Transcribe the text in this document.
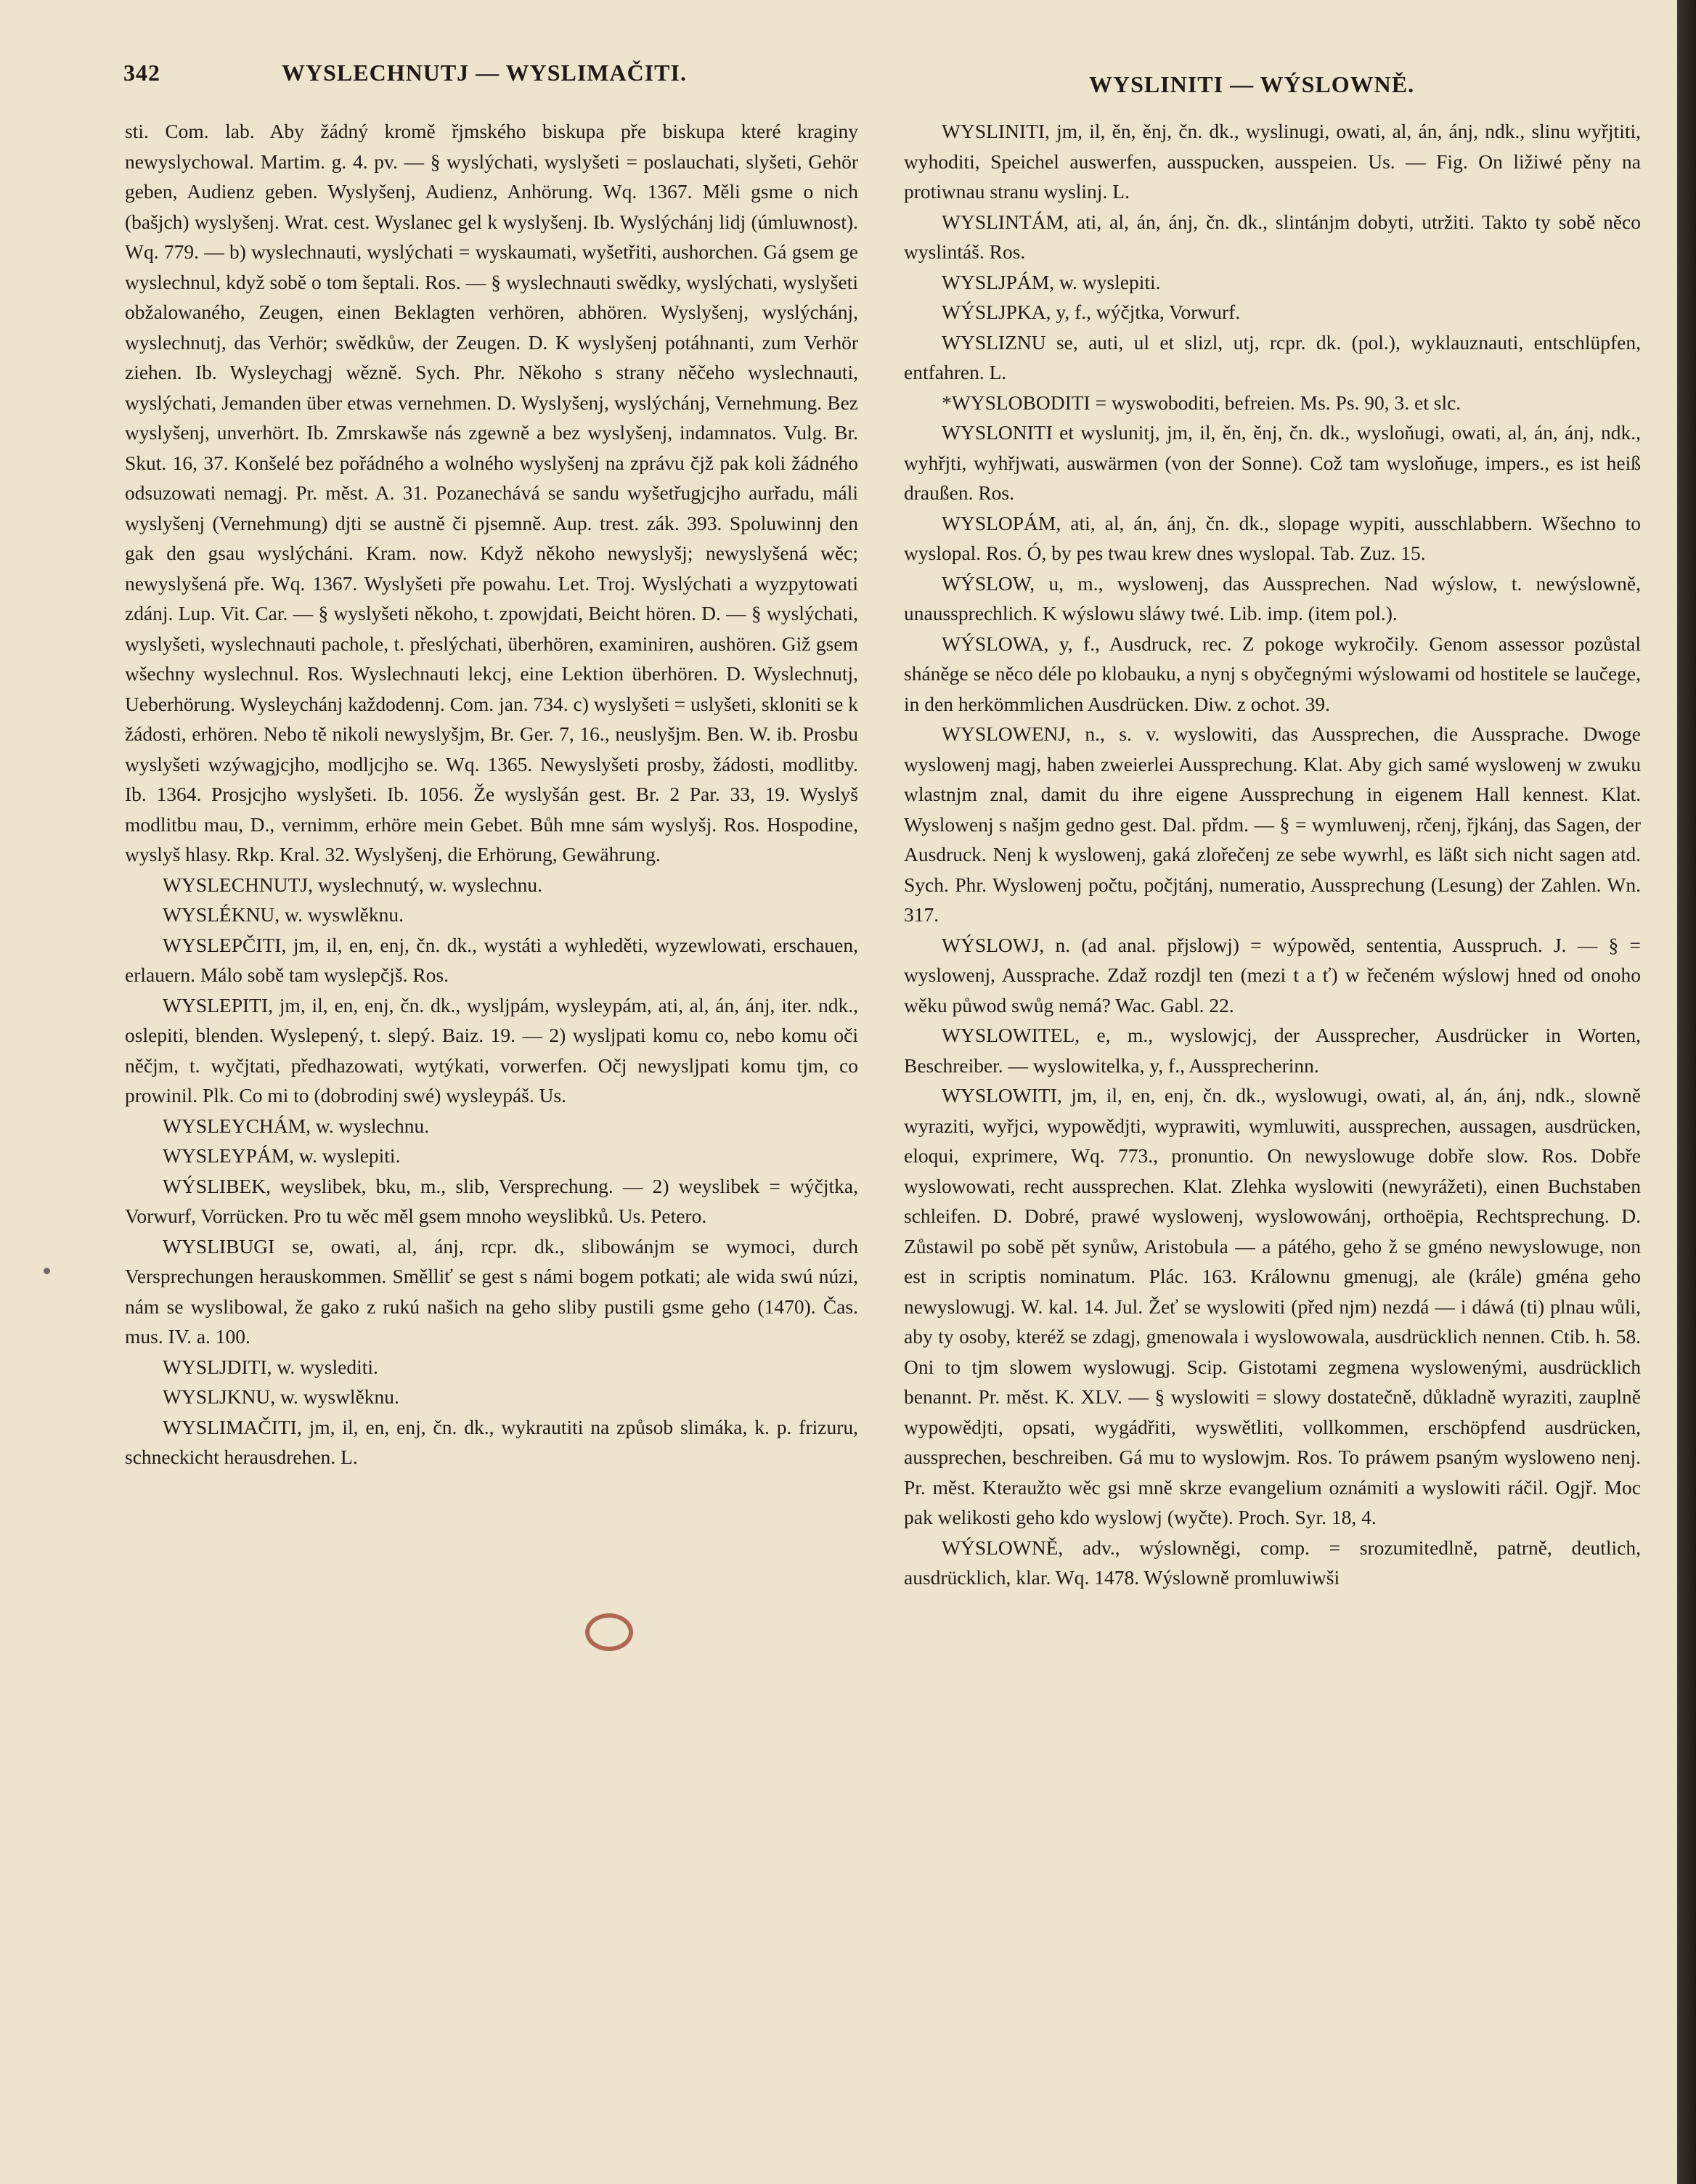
342	WYSLECHNUTJ — WYSLIMAČITI.	WYSLINITI — WÝSLOWNĚ.

sti. Com. lab. Aby žádný kromě řjmského biskupa pře biskupa které kraginy newyslychowal. Martim. g. 4. pv. — § wyslýchati, wyslyšeti = poslauchati, slyšeti, Gehör geben, Audienz geben. Wyslyšenj, Audienz, Anhörung. Wq. 1367. Měli gsme o nich (bašjch) wyslyšenj. Wrat. cest. Wyslanec gel k wyslyšenj. Ib. Wyslýchánj lidj (úmluwnost). Wq. 779. — b) wyslechnauti, wyslýchati = wyskaumati, wyšetřiti, aushorchen. Gá gsem ge wyslechnul, když sobě o tom šeptali. Ros. — § wyslechnauti swědky, wyslýchati, wyslyšeti obžalowaného, Zeugen, einen Beklagten verhören, abhören. Wyslyšenj, wyslýchánj, wyslechnutj, das Verhör; swědkůw, der Zeugen. D. K wyslyšenj potáhnanti, zum Verhör ziehen. Ib. Wysleychagj wězně. Sych. Phr. Někoho s strany něčeho wyslechnauti, wyslýchati, Jemanden über etwas vernehmen. D. Wyslyšenj, wyslýchánj, Vernehmung. Bez wyslyšenj, unverhört. Ib. Zmrskawše nás zgewně a bez wyslyšenj, indamnatos. Vulg. Br. Skut. 16, 37. Konšelé bez pořádného a wolného wyslyšenj na zprávu čjž pak koli žádného odsuzowati nemagj. Pr. měst. A. 31. Pozanechává se sandu wyšetřugjcjho aurřadu, máli wyslyšenj (Vernehmung) djti se austně či pjsemně. Aup. trest. zák. 393. Spoluwinnj den gak den gsau wyslýcháni. Kram. now. Když někoho newyslyšj; newyslyšená wěc; newyslyšená pře. Wq. 1367. Wyslyšeti pře powahu. Let. Troj. Wyslýchati a wyzpytowati zdánj. Lup. Vit. Car. — § wyslyšeti někoho, t. zpowjdati, Beicht hören. D. — § wyslýchati, wyslyšeti, wyslechnauti pachole, t. přeslýchati, überhören, examiniren, aushören. Giž gsem wšechny wyslechnul. Ros. Wyslechnauti lekcj, eine Lektion überhören. D. Wyslechnutj, Ueberhörung. Wysleychánj každodennj. Com. jan. 734. c) wyslyšeti = uslyšeti, skloniti se k žádosti, erhören. Nebo tě nikoli newyslyšjm, Br. Ger. 7, 16., neuslyšjm. Ben. W. ib. Prosbu wyslyšeti wzýwagjcjho, modljcjho se. Wq. 1365. Newyslyšeti prosby, žádosti, modlitby. Ib. 1364. Prosjcjho wyslyšeti. Ib. 1056. Že wyslyšán gest. Br. 2 Par. 33, 19. Wyslyš modlitbu mau, D., vernimm, erhöre mein Gebet. Bůh mne sám wyslyšj. Ros. Hospodine, wyslyš hlasy. Rkp. Kral. 32. Wyslyšenj, die Erhörung, Gewährung.

WYSLECHNUTJ, wyslechnutý, w. wyslechnu.

WYSLÉKNU, w. wyswlěknu.

WYSLEPČITI, jm, il, en, enj, čn. dk., wystáti a wyhleděti, wyzewlowati, erschauen, erlauern. Málo sobě tam wyslepčjš. Ros.

WYSLEPITI, jm, il, en, enj, čn. dk., wysljpám, wysleypám, ati, al, án, ánj, iter. ndk., oslepiti, blenden. Wyslepený, t. slepý. Baiz. 19. — 2) wysljpati komu co, nebo komu oči něčjm, t. wyčjtati, předhazowati, wytýkati, vorwerfen. Očj newysljpati komu tjm, co prowinil. Plk. Co mi to (dobrodinj swé) wysleypáš. Us.

WYSLEYCHÁM, w. wyslechnu.

WYSLEYPÁM, w. wyslepiti.

WÝSLIBEK, weyslibek, bku, m., slib, Versprechung. — 2) weyslibek = wýčjtka, Vorwurf, Vorrücken. Pro tu wěc měl gsem mnoho weyslibků. Us. Petero.

WYSLIBUGI se, owati, al, ánj, rcpr. dk., slibowánjm se wymoci, durch Versprechungen herauskommen. Smělliť se gest s námi bogem potkati; ale wida swú núzi, nám se wyslibowal, že gako z rukú našich na geho sliby pustili gsme geho (1470). Čas. mus. IV. a. 100.

WYSLJDITI, w. wyslediti.

WYSLJKNU, w. wyswlěknu.

WYSLIMAČITI, jm, il, en, enj, čn. dk., wykrautiti na způsob slimáka, k. p. frizuru, schneckicht herausdrehen. L.

WYSLINITI, jm, il, ěn, ěnj, čn. dk., wyslinugi, owati, al, án, ánj, ndk., slinu wyřjtiti, wyhoditi, Speichel auswerfen, ausspucken, ausspeien. Us. — Fig. On ližiwé pěny na protiwnau stranu wyslinj. L.

WYSLINTÁM, ati, al, án, ánj, čn. dk., slintánjm dobyti, utržiti. Takto ty sobě něco wyslintáš. Ros.

WYSLJPÁM, w. wyslepiti.

WÝSLJPKA, y, f., wýčjtka, Vorwurf.

WYSLIZNU se, auti, ul et slizl, utj, rcpr. dk. (pol.), wyklauznauti, entschlüpfen, entfahren. L.

*WYSLOBODITI = wyswoboditi, befreien. Ms. Ps. 90, 3. et slc.

WYSLONITI et wyslunitj, jm, il, ěn, ěnj, čn. dk., wysloňugi, owati, al, án, ánj, ndk., wyhřjti, wyhřjwati, auswärmen (von der Sonne). Což tam wysloňuge, impers., es ist heiß draußen. Ros.

WYSLOPÁM, ati, al, án, ánj, čn. dk., slopage wypiti, ausschlabbern. Wšechno to wyslopal. Ros. Ó, by pes twau krew dnes wyslopal. Tab. Zuz. 15.

WÝSLOW, u, m., wyslowenj, das Aussprechen. Nad wýslow, t. newýslowně, unaussprechlich. K wýslowu sláwy twé. Lib. imp. (item pol.).

WÝSLOWA, y, f., Ausdruck, rec. Z pokoge wykročily. Genom assessor pozůstal sháněge se něco déle po klobauku, a nynj s obyčegnými wýslowami od hostitele se laučege, in den herkömmlichen Ausdrücken. Diw. z ochot. 39.

WYSLOWENJ, n., s. v. wyslowiti, das Aussprechen, die Aussprache. Dwoge wyslowenj magj, haben zweierlei Aussprechung. Klat. Aby gich samé wyslowenj w zwuku wlastnjm znal, damit du ihre eigene Aussprechung in eigenem Hall kennest. Klat. Wyslowenj s našjm gedno gest. Dal. přdm. — § = wymluwenj, rčenj, řjkánj, das Sagen, der Ausdruck. Nenj k wyslowenj, gaká zlořečenj ze sebe wywrhl, es läßt sich nicht sagen atd. Sych. Phr. Wyslowenj počtu, počjtánj, numeratio, Aussprechung (Lesung) der Zahlen. Wn. 317.

WÝSLOWJ, n. (ad anal. přjslowj) = wýpowěd, sententia, Ausspruch. J. — § = wyslowenj, Aussprache. Zdaž rozdjl ten (mezi t a ť) w řečeném wýslowj hned od onoho wěku půwod swůg nemá? Wac. Gabl. 22.

WYSLOWITEL, e, m., wyslowjcj, der Aussprecher, Ausdrücker in Worten, Beschreiber. — wyslowitelka, y, f., Aussprecherinn.

WYSLOWITI, jm, il, en, enj, čn. dk., wyslowugi, owati, al, án, ánj, ndk., slowně wyraziti, wyřjci, wypowědjti, wyprawiti, wymluwiti, aussprechen, aussagen, ausdrücken, eloqui, exprimere, Wq. 773., pronuntio. On newyslowuge dobře slow. Ros. Dobře wyslowowati, recht aussprechen. Klat. Zlehka wyslowiti (newyrážeti), einen Buchstaben schleifen. D. Dobré, prawé wyslowenj, wyslowowánj, orthoëpia, Rechtsprechung. D. Zůstawil po sobě pět synůw, Aristobula — a pátého, geho ž se gméno newyslowuge, non est in scriptis nominatum. Plác. 163. Králownu gmenugj, ale (krále) gména geho newyslowugj. W. kal. 14. Jul. Žeť se wyslowiti (před njm) nezdá — i dáwá (ti) plnau wůli, aby ty osoby, kteréž se zdagj, gmenowala i wyslowowala, ausdrücklich nennen. Ctib. h. 58. Oni to tjm slowem wyslowugj. Scip. Gistotami zegmena wyslowenými, ausdrücklich benannt. Pr. měst. K. XLV. — § wyslowiti = slowy dostatečně, důkladně wyraziti, zauplně wypowědjti, opsati, wygádřiti, wyswětliti, vollkommen, erschöpfend ausdrücken, aussprechen, beschreiben. Gá mu to wyslowjm. Ros. To práwem psaným wysloweno nenj. Pr. měst. Kteraužto wěc gsi mně skrze evangelium oznámiti a wyslowiti ráčil. Ogjř. Moc pak welikosti geho kdo wyslowj (wyčte). Proch. Syr. 18, 4.

WÝSLOWNĚ, adv., wýslowněgi, comp. = srozumitedlně, patrně, deutlich, ausdrücklich, klar. Wq. 1478. Wýslowně promluwiwši
